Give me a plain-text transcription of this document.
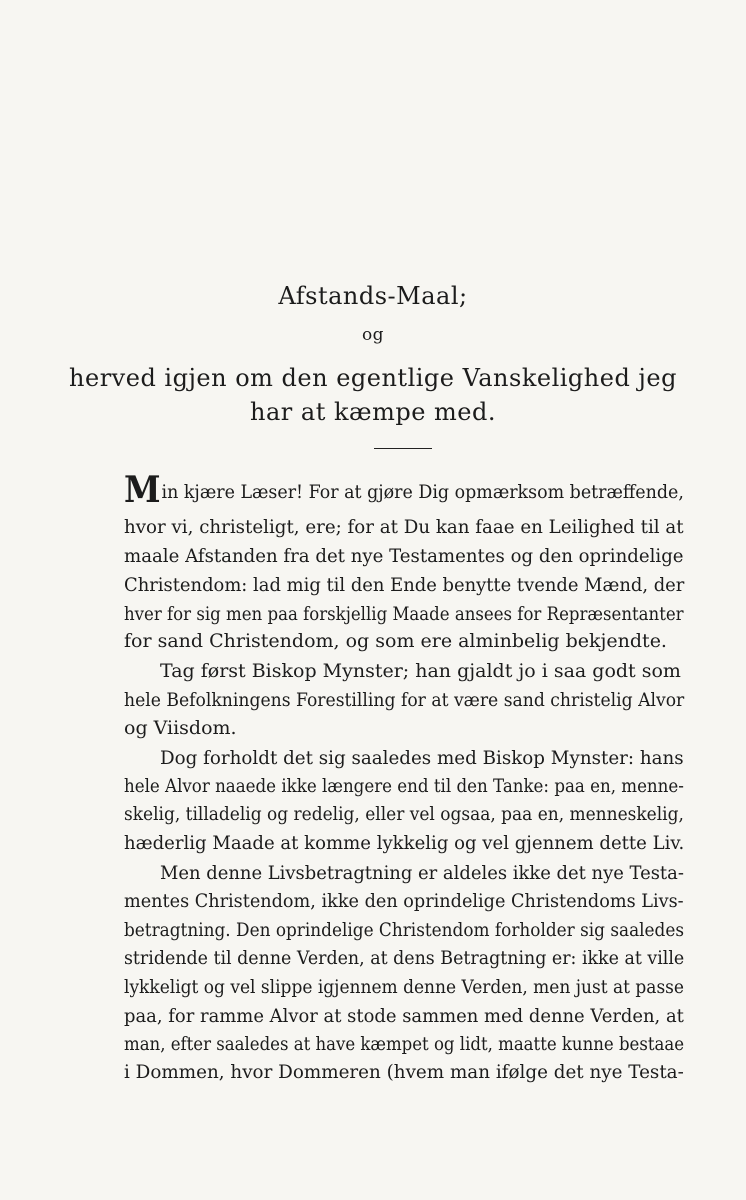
Afstands-Maal;
og
herved igjen om den egentlige Vanskelighed jeg
har at kæmpe med.
Min kjære Læser! For at gjøre Dig opmærksom betræffende,
hvor vi, christeligt, ere; for at Du kan faae en Leilighed til at
maale Afstanden fra det nye Testamentes og den oprindelige
Christendom: lad mig til den Ende benytte tvende Mænd, der
hver for sig men paa forskjellig Maade ansees for Repræsentanter
for sand Christendom, og som ere alminbelig bekjendte.
Tag først Biskop Mynster; han gjaldt jo i saa godt som
hele Befolkningens Forestilling for at være sand christelig Alvor
og Viisdom.
Dog forholdt det sig saaledes med Biskop Mynster: hans
hele Alvor naaede ikke længere end til den Tanke: paa en, menne-
skelig, tilladelig og redelig, eller vel ogsaa, paa en, menneskelig,
hæderlig Maade at komme lykkelig og vel gjennem dette Liv.
Men denne Livsbetragtning er aldeles ikke det nye Testa-
mentes Christendom, ikke den oprindelige Christendoms Livs-
betragtning. Den oprindelige Christendom forholder sig saaledes
stridende til denne Verden, at dens Betragtning er: ikke at ville
lykkeligt og vel slippe igjennem denne Verden, men just at passe
paa, for ramme Alvor at stode sammen med denne Verden, at
man, efter saaledes at have kæmpet og lidt, maatte kunne bestaae
i Dommen, hvor Dommeren (hvem man ifølge det nye Testa-
